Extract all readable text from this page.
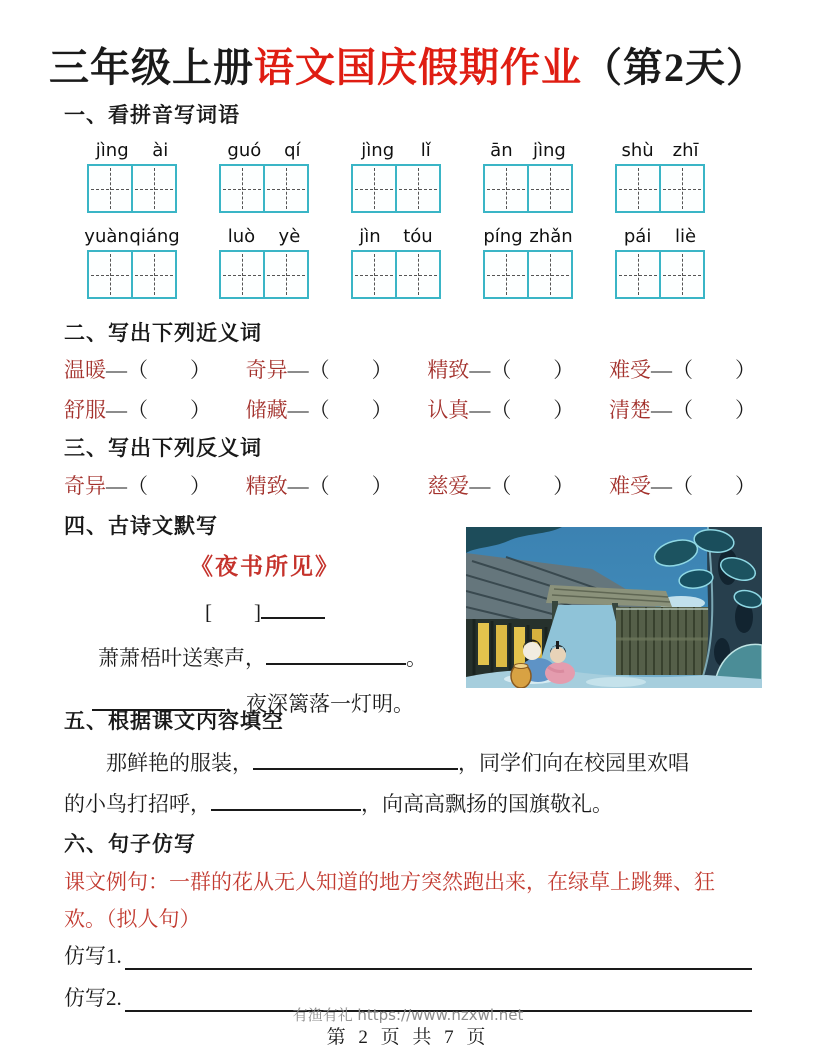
三年级上册语文国庆假期作业（第2天）
一、看拼音写词语
jìng ài	guó qí	jìng lǐ	ān jìng	shù zhī
yuàn qiáng	luò yè	jìn tóu	píng zhǎn	pái liè
二、写出下列近义词
温暖—（　　） 奇异—（　　） 精致—（　　） 难受—（　　）
舒服—（　　） 储藏—（　　） 认真—（　　） 清楚—（　　）
三、写出下列反义词
奇异—（　　） 精致—（　　） 慈爱—（　　） 难受—（　　）
四、古诗文默写
《夜书所见》
[　　]
萧萧梧叶送寒声，	。
，夜深篱落一灯明。
五、根据课文内容填空
那鲜艳的服装，	，同学们向在校园里欢唱
的小鸟打招呼，	，向高高飘扬的国旗敬礼。
六、句子仿写
课文例句：一群的花从无人知道的地方突然跑出来，在绿草上跳舞、狂欢。（拟人句）
仿写1.
仿写2.
有渔有礼 https://www.nzxwl.net
第 2 页 共 7 页
